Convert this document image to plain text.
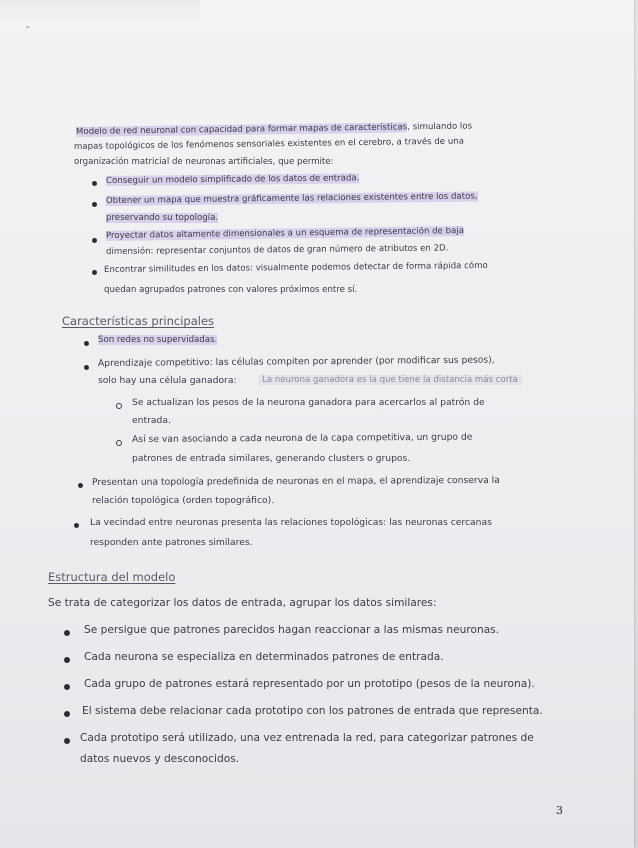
Modelo de red neuronal con capacidad para formar mapas de características, simulando los
mapas topológicos de los fenómenos sensoriales existentes en el cerebro, a través de una
organización matricial de neuronas artificiales, que permite:
Conseguir un modelo simplificado de los datos de entrada.
Obtener un mapa que muestra gráficamente las relaciones existentes entre los datos,
preservando su topología.
Proyectar datos altamente dimensionales a un esquema de representación de baja
dimensión: representar conjuntos de datos de gran número de atributos en 2D.
Encontrar similitudes en los datos: visualmente podemos detectar de forma rápida cómo
quedan agrupados patrones con valores próximos entre sí.
Características principales
Son redes no supervidadas.
Aprendizaje competitivo: las células compiten por aprender (por modificar sus pesos),
solo hay una célula ganadora:	La neurona ganadora es la que tiene la distancia más corta
Se actualizan los pesos de la neurona ganadora para acercarlos al patrón de
entrada.
Así se van asociando a cada neurona de la capa competitiva, un grupo de
patrones de entrada similares, generando clusters o grupos.
Presentan una topología predefinida de neuronas en el mapa, el aprendizaje conserva la
relación topológica (orden topográfico).
La vecindad entre neuronas presenta las relaciones topológicas: las neuronas cercanas
responden ante patrones similares.
Estructura del modelo
Se trata de categorizar los datos de entrada, agrupar los datos similares:
Se persigue que patrones parecidos hagan reaccionar a las mismas neuronas.
Cada neurona se especializa en determinados patrones de entrada.
Cada grupo de patrones estará representado por un prototipo (pesos de la neurona).
El sistema debe relacionar cada prototipo con los patrones de entrada que representa.
Cada prototipo será utilizado, una vez entrenada la red, para categorizar patrones de
datos nuevos y desconocidos.
3
